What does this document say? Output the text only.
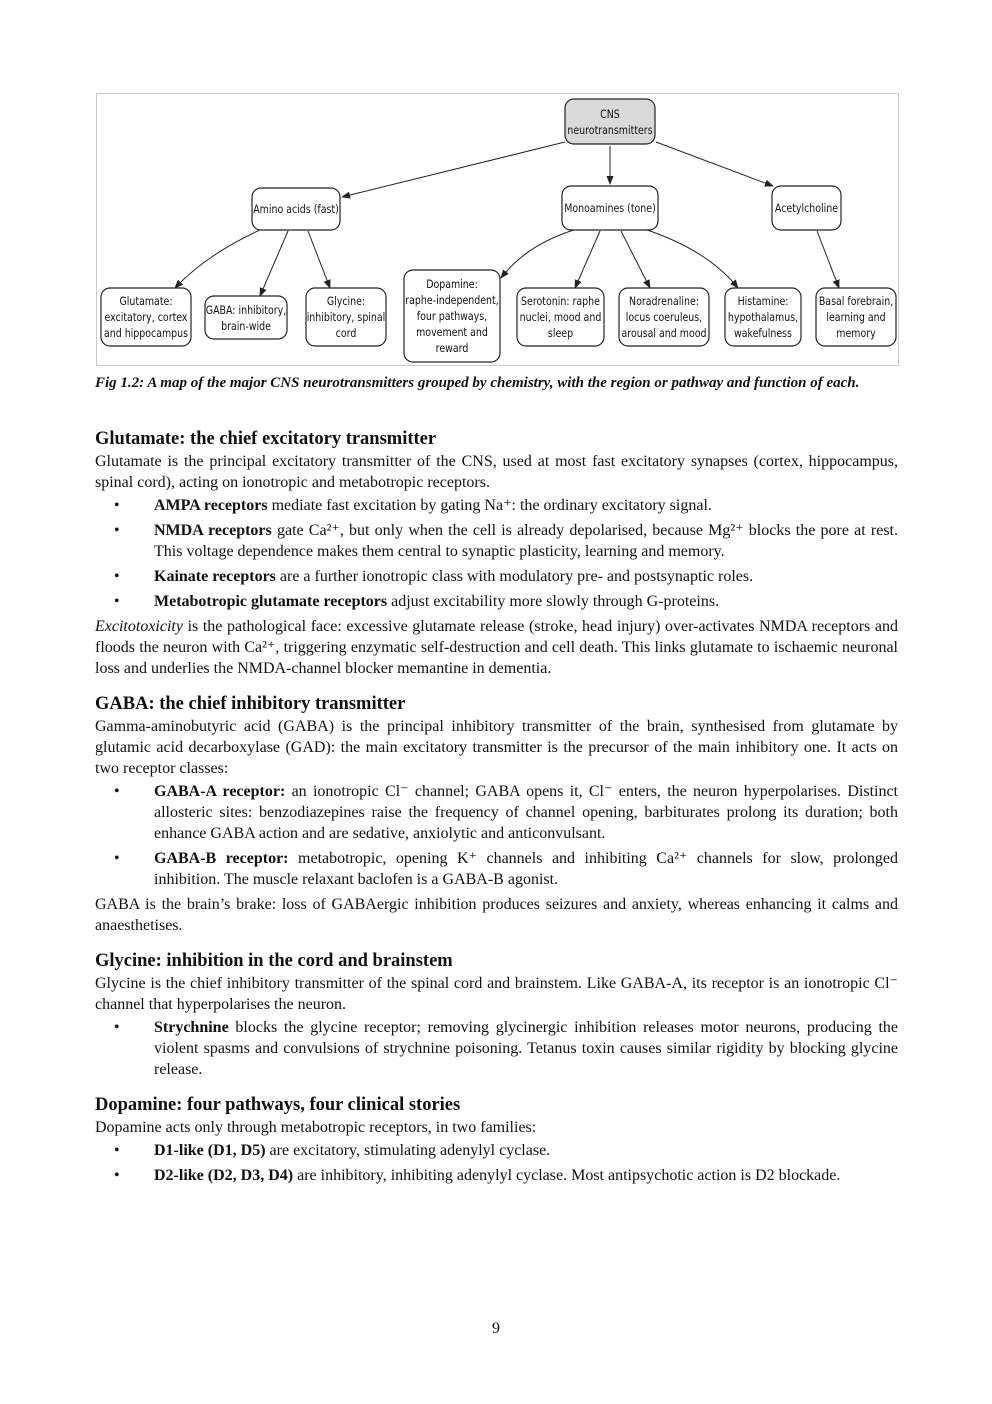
CNS
neurotransmitters
Amino acids (fast)	Monoamines (tone)	Acetylcholine
Glutamate:
excitatory, cortex
and hippocampus
GABA: inhibitory,
brain-wide
Glycine:
inhibitory, spinal
cord
Dopamine:
raphe-independent,
four pathways,
movement and
reward
Serotonin: raphe
nuclei, mood and
sleep
Noradrenaline:
locus coeruleus,
arousal and mood
Histamine:
hypothalamus,
wakefulness
Basal forebrain,
learning and
memory
Fig 1.2: A map of the major CNS neurotransmitters grouped by chemistry, with the region or pathway and function of each.
Glutamate: the chief excitatory transmitter

Glutamate is the principal excitatory transmitter of the CNS, used at most fast excitatory synapses (cortex, hippocampus, spinal cord), acting on ionotropic and metabotropic receptors.

• AMPA receptors mediate fast excitation by gating Na⁺: the ordinary excitatory signal.
• NMDA receptors gate Ca²⁺, but only when the cell is already depolarised, because Mg²⁺ blocks the pore at rest. This voltage dependence makes them central to synaptic plasticity, learning and memory.
• Kainate receptors are a further ionotropic class with modulatory pre- and postsynaptic roles.
• Metabotropic glutamate receptors adjust excitability more slowly through G-proteins.

Excitotoxicity is the pathological face: excessive glutamate release (stroke, head injury) over-activates NMDA receptors and floods the neuron with Ca²⁺, triggering enzymatic self-destruction and cell death. This links glutamate to ischaemic neuronal loss and underlies the NMDA-channel blocker memantine in dementia.

GABA: the chief inhibitory transmitter

Gamma-aminobutyric acid (GABA) is the principal inhibitory transmitter of the brain, synthesised from glutamate by glutamic acid decarboxylase (GAD): the main excitatory transmitter is the precursor of the main inhibitory one. It acts on two receptor classes:

• GABA-A receptor: an ionotropic Cl⁻ channel; GABA opens it, Cl⁻ enters, the neuron hyperpolarises. Distinct allosteric sites: benzodiazepines raise the frequency of channel opening, barbiturates prolong its duration; both enhance GABA action and are sedative, anxiolytic and anticonvulsant.
• GABA-B receptor: metabotropic, opening K⁺ channels and inhibiting Ca²⁺ channels for slow, prolonged inhibition. The muscle relaxant baclofen is a GABA-B agonist.

GABA is the brain’s brake: loss of GABAergic inhibition produces seizures and anxiety, whereas enhancing it calms and anaesthetises.

Glycine: inhibition in the cord and brainstem

Glycine is the chief inhibitory transmitter of the spinal cord and brainstem. Like GABA-A, its receptor is an ionotropic Cl⁻ channel that hyperpolarises the neuron.

• Strychnine blocks the glycine receptor; removing glycinergic inhibition releases motor neurons, producing the violent spasms and convulsions of strychnine poisoning. Tetanus toxin causes similar rigidity by blocking glycine release.
Dopamine: four pathways, four clinical stories

Dopamine acts only through metabotropic receptors, in two families:

• D1-like (D1, D5) are excitatory, stimulating adenylyl cyclase.
• D2-like (D2, D3, D4) are inhibitory, inhibiting adenylyl cyclase. Most antipsychotic action is D2 blockade.
9
